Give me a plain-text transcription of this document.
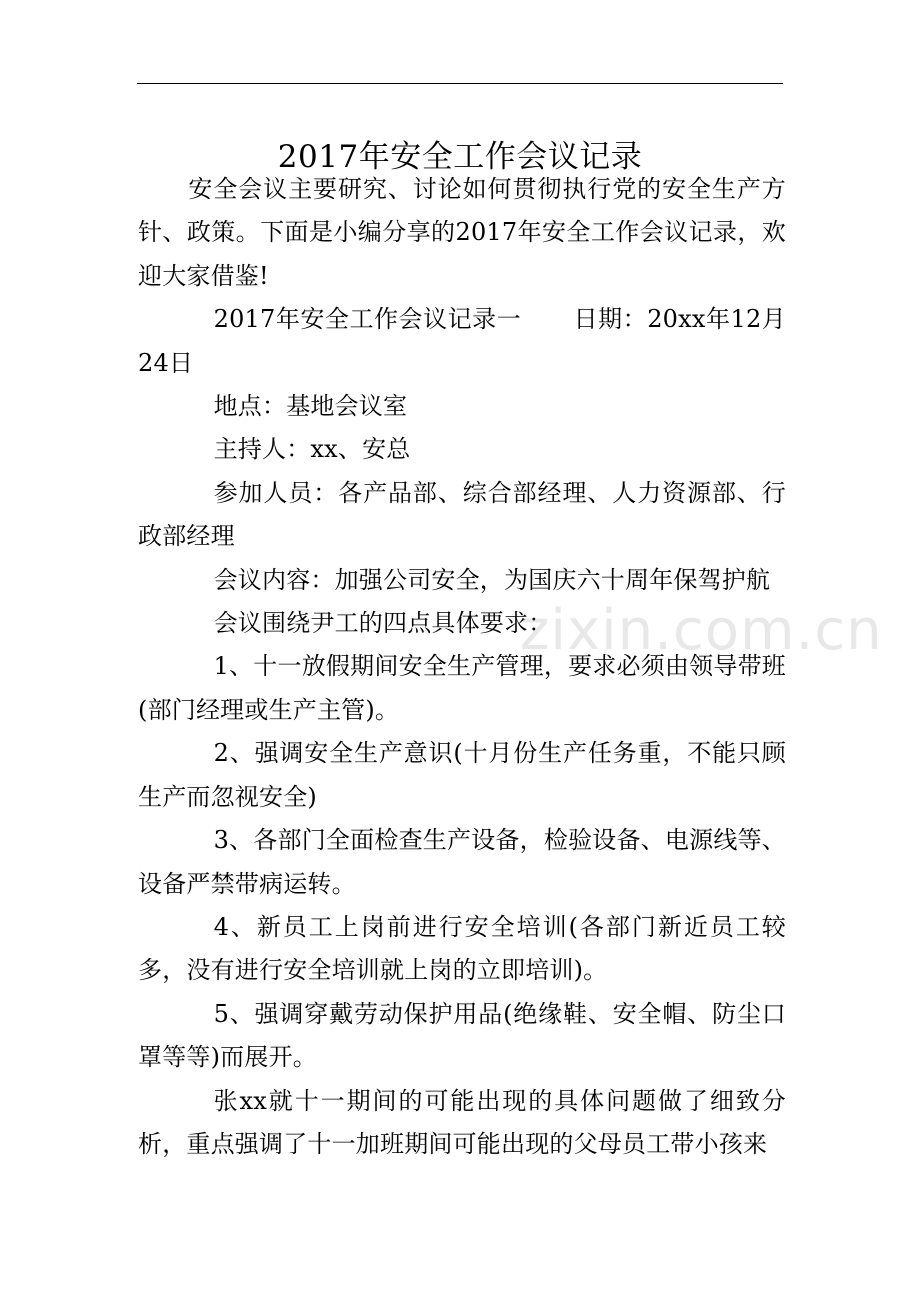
2017年安全工作会议记录

安全会议主要研究、讨论如何贯彻执行党的安全生产方针、政策。下面是小编分享的2017年安全工作会议记录，欢迎大家借鉴!

2017年安全工作会议记录一 日期：20xx年12月24日

地点：基地会议室

主持人：xx、安总

参加人员：各产品部、综合部经理、人力资源部、行政部经理

会议内容：加强公司安全，为国庆六十周年保驾护航

会议围绕尹工的四点具体要求：

1、十一放假期间安全生产管理，要求必须由领导带班(部门经理或生产主管)。

2、强调安全生产意识(十月份生产任务重，不能只顾生产而忽视安全)

3、各部门全面检查生产设备，检验设备、电源线等、设备严禁带病运转。

4、新员工上岗前进行安全培训(各部门新近员工较多，没有进行安全培训就上岗的立即培训)。

5、强调穿戴劳动保护用品(绝缘鞋、安全帽、防尘口罩等等)而展开。

张xx就十一期间的可能出现的具体问题做了细致分析，重点强调了十一加班期间可能出现的父母员工带小孩来

zixin.com.cn
